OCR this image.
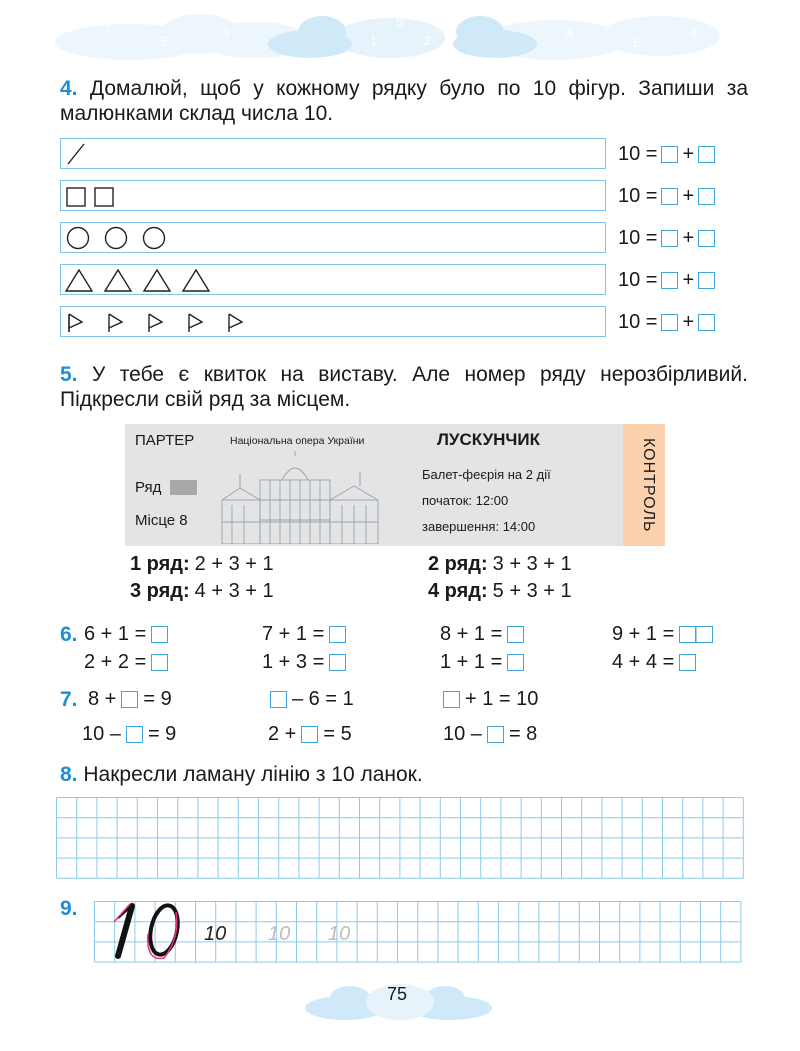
7
5
3
1
0
2	4
6
8
4. Домалюй, щоб у кожному рядку було по 10 фігур. Запиши за малюнками склад числа 10.
10 = +
10 = +
10 = +
10 = +
10 = +
5. У тебе є квиток на виставу. Але номер ряду нерозбірливий. Підкресли свій ряд за місцем.
ПАРТЕР	Національна опера України	ЛУСКУНЧИК
Ряд
Місце 8
Балет-феєрія на 2 дії
початок: 12:00
завершення: 14:00	КОНТРОЛЬ
1 ряд: 2 + 3 + 1	2 ряд: 3 + 3 + 1
3 ряд: 4 + 3 + 1	4 ряд: 5 + 3 + 1
6. 6 + 1 =	7 + 1 =	8 + 1 =	9 + 1 =
2 + 2 =	1 + 3 =	1 + 1 =	4 + 4 =
7. 8 + = 9	– 6 = 1	+ 1 = 10
10 – = 9	2 + = 5	10 – = 8
8. Накресли ламану лінію з 10 ланок.
9.
10 10 10
75
